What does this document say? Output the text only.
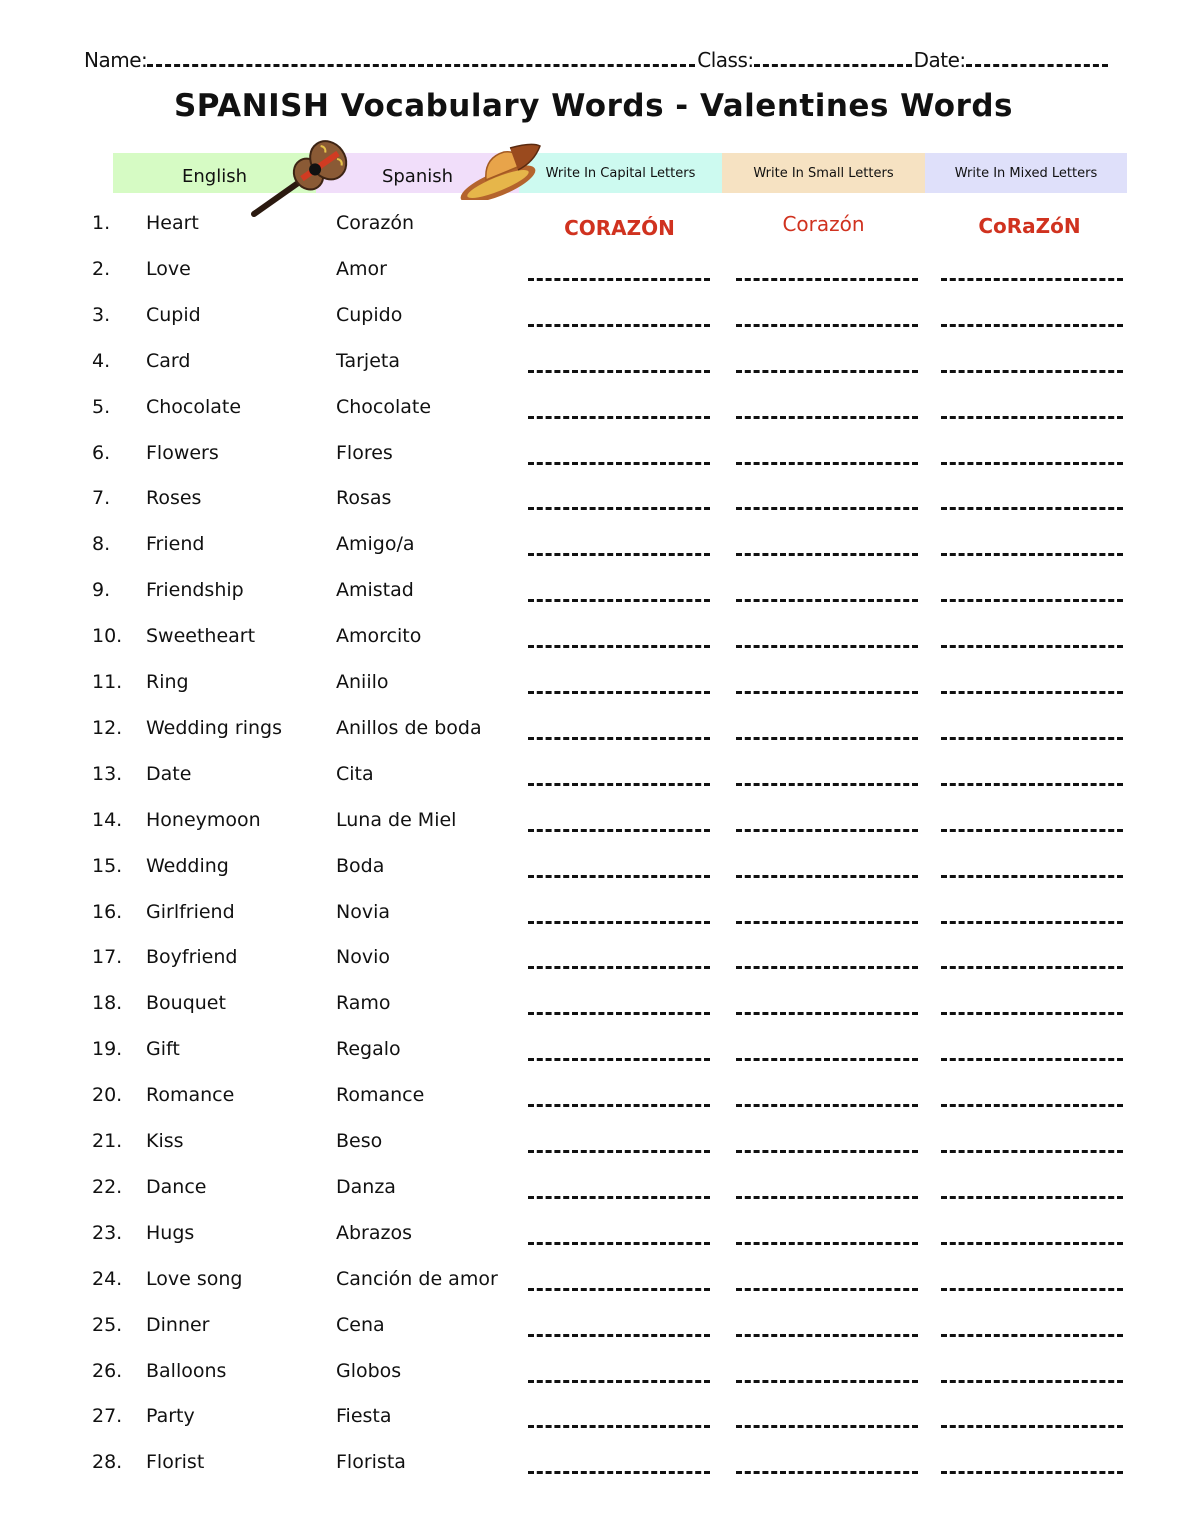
Name:	Class:	Date:
SPANISH Vocabulary Words - Valentines Words
English	Spanish	Write In Capital Letters	Write In Small Letters	Write In Mixed Letters
1. Heart	Corazón	CORAZÓN	Corazón	CoRaZóN
2. Love	Amor
3. Cupid	Cupido
4. Card	Tarjeta
5. Chocolate	Chocolate
6. Flowers	Flores
7. Roses	Rosas
8. Friend	Amigo/a
9. Friendship	Amistad
10. Sweetheart	Amorcito
11. Ring	Aniilo
12. Wedding rings	Anillos de boda
13. Date	Cita
14. Honeymoon	Luna de Miel
15. Wedding	Boda
16. Girlfriend	Novia
17. Boyfriend	Novio
18. Bouquet	Ramo
19. Gift	Regalo
20. Romance	Romance
21. Kiss	Beso
22. Dance	Danza
23. Hugs	Abrazos
24. Love song	Canción de amor
25. Dinner	Cena
26. Balloons	Globos
27. Party	Fiesta
28. Florist	Florista
